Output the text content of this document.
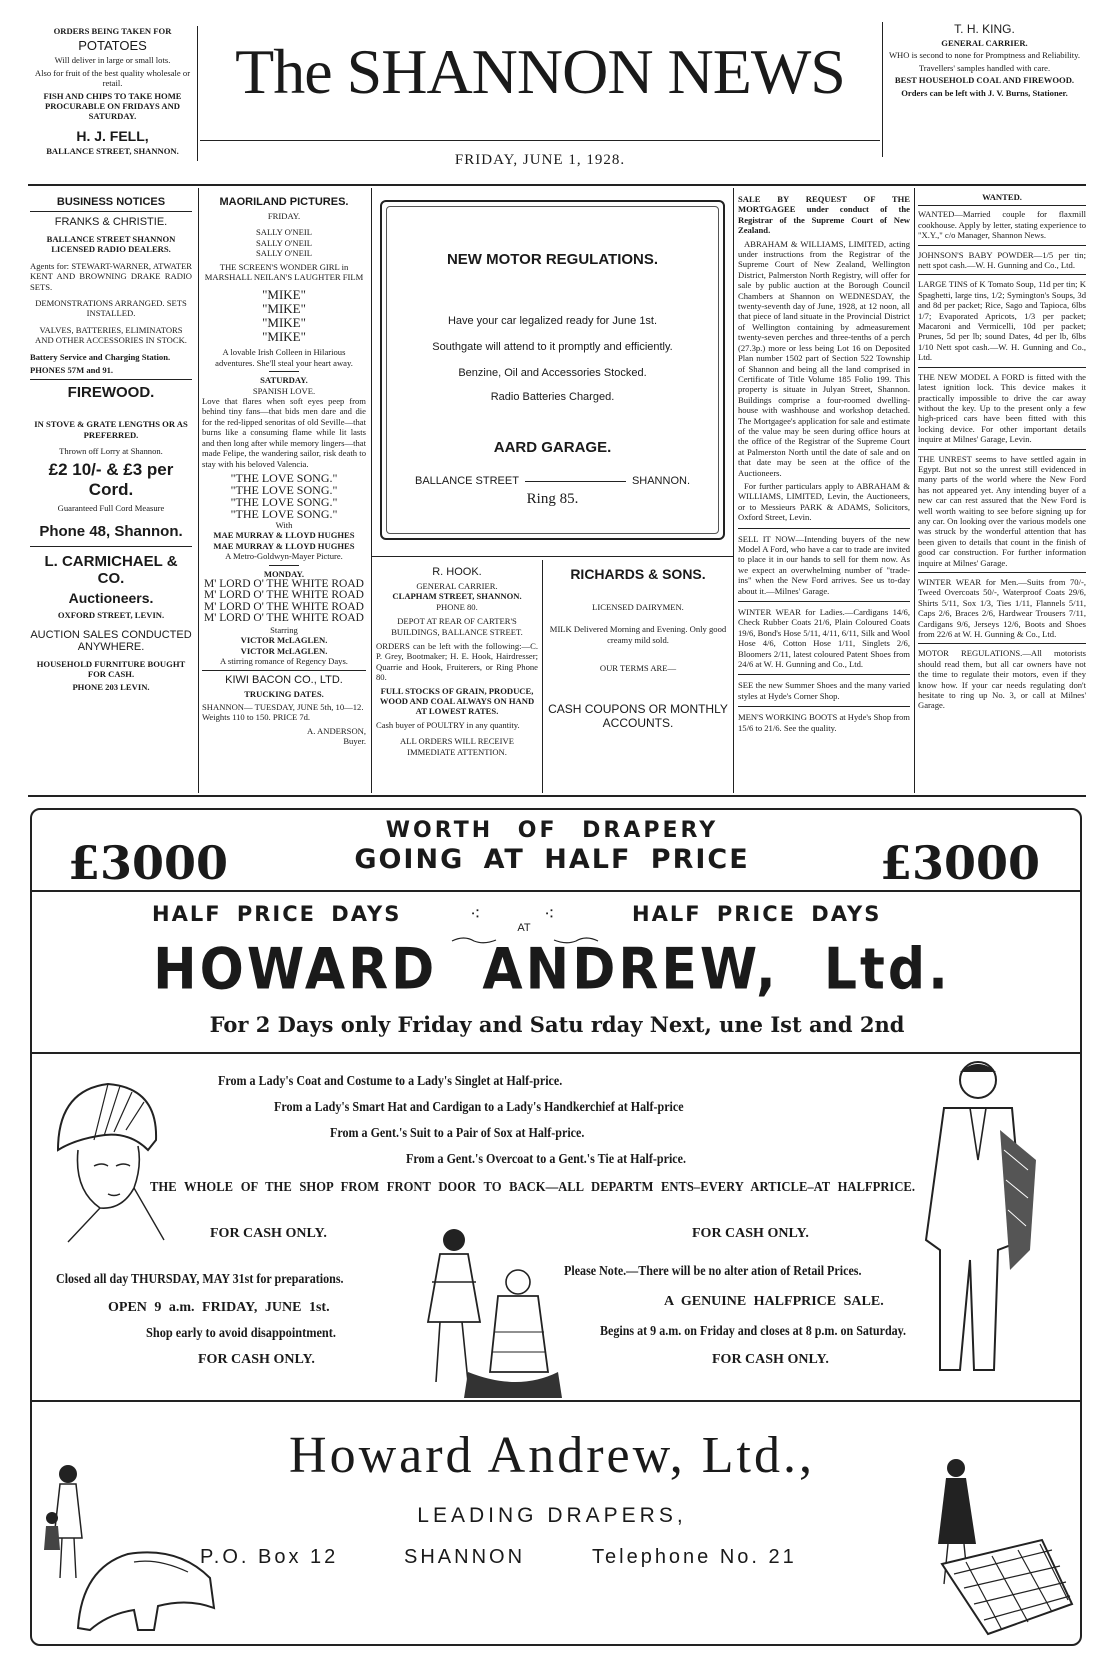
ORDERS BEING TAKEN FOR

POTATOES

Will deliver in large or small lots.

Also for fruit of the best quality wholesale or retail.

FISH AND CHIPS TO TAKE HOME PROCURABLE ON FRIDAYS AND SATURDAY.

H. J. FELL,

BALLANCE STREET, SHANNON.

The SHANNON NEWS
FRIDAY, JUNE 1, 1928.

T. H. KING.

GENERAL CARRIER.

WHO is second to none for Promptness and Reliability.

Travellers' samples handled with care.

BEST HOUSEHOLD COAL AND FIREWOOD.

Orders can be left with J. V. Burns, Stationer.

BUSINESS NOTICES

FRANKS & CHRISTIE.

BALLANCE STREET SHANNON LICENSED RADIO DEALERS.

Agents for: STEWART-WARNER, ATWATER KENT AND BROWNING DRAKE RADIO SETS.

DEMONSTRATIONS ARRANGED. SETS INSTALLED.

VALVES, BATTERIES, ELIMINATORS AND OTHER ACCESSORIES IN STOCK.

Battery Service and Charging Station.

PHONES 57M and 91.

FIREWOOD.

IN STOVE & GRATE LENGTHS OR AS PREFERRED.

Thrown off Lorry at Shannon.

£2 10/- & £3 per Cord.

Guaranteed Full Cord Measure

Phone 48, Shannon.

L. CARMICHAEL & CO.

Auctioneers.

OXFORD STREET, LEVIN.

AUCTION SALES CONDUCTED ANYWHERE.

HOUSEHOLD FURNITURE BOUGHT FOR CASH.

PHONE 203 LEVIN.

MAORILAND PICTURES.

FRIDAY.

SALLY O'NEIL

SALLY O'NEIL

SALLY O'NEIL

THE SCREEN'S WONDER GIRL in MARSHALL NEILAN'S LAUGHTER FILM

"MIKE"

"MIKE"

"MIKE"

"MIKE"

A lovable Irish Colleen in Hilarious adventures. She'll steal your heart away.

SATURDAY.

SPANISH LOVE.

Love that flares when soft eyes peep from behind tiny fans—that bids men dare and die for the red-lipped senoritas of old Seville—that burns like a consuming flame while lit lasts and then long after while memory lingers—that made Felipe, the wandering sailor, risk death to stay with his beloved Valencia.

"THE LOVE SONG."

"THE LOVE SONG."

"THE LOVE SONG."

"THE LOVE SONG."

With

MAE MURRAY & LLOYD HUGHES

MAE MURRAY & LLOYD HUGHES

A Metro-Goldwyn-Mayer Picture.

MONDAY.

M' LORD O' THE WHITE ROAD

M' LORD O' THE WHITE ROAD

M' LORD O' THE WHITE ROAD

M' LORD O' THE WHITE ROAD

Starring

VICTOR McLAGLEN.

VICTOR McLAGLEN.

A stirring romance of Regency Days.

KIWI BACON CO., LTD.

TRUCKING DATES.

SHANNON— TUESDAY, JUNE 5th, 10—12. Weights 110 to 150. PRICE 7d.

A. ANDERSON,

Buyer.

NEW MOTOR REGULATIONS.

Have your car legalized ready for June 1st.

Southgate will attend to it promptly and efficiently.

Benzine, Oil and Accessories Stocked.

Radio Batteries Charged.

AARD GARAGE.

BALLANCE STREET	SHANNON.

Ring 85.

R. HOOK.

GENERAL CARRIER.

CLAPHAM STREET, SHANNON.

PHONE 80.

DEPOT AT REAR OF CARTER'S BUILDINGS, BALLANCE STREET.

ORDERS can be left with the following:—C. P. Grey, Bootmaker; H. E. Hook, Hairdresser; Quarrie and Hook, Fruiterers, or Ring Phone 80.

FULL STOCKS OF GRAIN, PRODUCE, WOOD AND COAL ALWAYS ON HAND AT LOWEST RATES.

Cash buyer of POULTRY in any quantity.

ALL ORDERS WILL RECEIVE IMMEDIATE ATTENTION.

RICHARDS & SONS.

LICENSED DAIRYMEN.

MILK Delivered Morning and Evening. Only good creamy mild sold.

OUR TERMS ARE—

CASH COUPONS OR MONTHLY ACCOUNTS.

SALE BY REQUEST OF THE MORTGAGEE under conduct of the Registrar of the Supreme Court of New Zealand.

ABRAHAM & WILLIAMS, LIMITED, acting under instructions from the Registrar of the Supreme Court of New Zealand, Wellington District, Palmerston North Registry, will offer for sale by public auction at the Borough Council Chambers at Shannon on WEDNESDAY, the twenty-seventh day of June, 1928, at 12 noon, all that piece of land situate in the Provincial District of Wellington containing by admeasurement twenty-seven perches and three-tenths of a perch (27.3p.) more or less being Lot 16 on Deposited Plan number 1502 part of Section 522 Township of Shannon and being all the land comprised in Certificate of Title Volume 185 Folio 199. This property is situate in Julyan Street, Shannon. Buildings comprise a four-roomed dwelling-house with washhouse and workshop detached. The Mortgagee's application for sale and estimate of the value may be seen during office hours at the office of the Registrar of the Supreme Court at Palmerston North until the date of sale and on that date may be seen at the office of the Auctioneers.

For further particulars apply to ABRAHAM & WILLIAMS, LIMITED, Levin, the Auctioneers, or to Messieurs PARK & ADAMS, Solicitors, Oxford Street, Levin.

SELL IT NOW—Intending buyers of the new Model A Ford, who have a car to trade are invited to place it in our hands to sell for them now. As we expect an overwhelming number of "trade-ins" when the New Ford arrives. See us to-day about it.—Milnes' Garage.

WINTER WEAR for Ladies.—Cardigans 14/6, Check Rubber Coats 21/6, Plain Coloured Coats 19/6, Bond's Hose 5/11, 4/11, 6/11, Silk and Wool Hose 4/6, Cotton Hose 1/11, Singlets 2/6, Bloomers 2/11, latest coloured Patent Shoes from 24/6 at W. H. Gunning and Co., Ltd.

SEE the new Summer Shoes and the many varied styles at Hyde's Corner Shop.

MEN'S WORKING BOOTS at Hyde's Shop from 15/6 to 21/6. See the quality.

WANTED.

WANTED—Married couple for flaxmill cookhouse. Apply by letter, stating experience to "X.Y.," c/o Manager, Shannon News.

JOHNSON'S BABY POWDER—1/5 per tin; nett spot cash.—W. H. Gunning and Co., Ltd.

LARGE TINS of K Tomato Soup, 11d per tin; K Spaghetti, large tins, 1/2; Symington's Soups, 3d and 8d per packet; Rice, Sago and Tapioca, 6lbs 1/7; Evaporated Apricots, 1/3 per packet; Macaroni and Vermicelli, 10d per packet; Prunes, 5d per lb; sound Dates, 4d per lb, 6lbs 1/10 Nett spot cash.—W. H. Gunning and Co., Ltd.

THE NEW MODEL A FORD is fitted with the latest ignition lock. This device makes it practically impossible to drive the car away without the key. Up to the present only a few high-priced cars have been fitted with this locking device. For other important details inquire at Milnes' Garage, Levin.

THE UNREST seems to have settled again in Egypt. But not so the unrest still evidenced in many parts of the world where the New Ford has not appeared yet. Any intending buyer of a new car can rest assured that the New Ford is well worth waiting to see before signing up for any car. On looking over the various models one was struck by the wonderful attention that has been given to details that count in the finish of good car construction. For further information inquire at Milnes' Garage.

WINTER WEAR for Men.—Suits from 70/-, Tweed Overcoats 50/-, Waterproof Coats 29/6, Shirts 5/11, Sox 1/3, Ties 1/11, Flannels 5/11, Caps 2/6, Braces 2/6, Hardwear Trousers 7/11, Cardigans 9/6, Jerseys 12/6, Boots and Shoes from 22/6 at W. H. Gunning & Co., Ltd.

MOTOR REGULATIONS.—All motorists should read them, but all car owners have not the time to regulate their motors, even if they know how. If your car needs regulating don't hesitate to ring up No. 3, or call at Milnes' Garage.

£3000	£3000
WORTH OF DRAPERY
GOING AT HALF PRICE
HALF PRICE DAYS	HALF PRICE DAYS
⁖	⁖
AT
HOWARD ANDREW, Ltd.
For 2 Days only Friday and Satu rday Next, une Ist and 2nd
From a Lady's Coat and Costume to a Lady's Singlet at Half-price.
From a Lady's Smart Hat and Cardigan to a Lady's Handkerchief at Half-price
From a Gent.'s Suit to a Pair of Sox at Half-price.
From a Gent.'s Overcoat to a Gent.'s Tie at Half-price.
THE WHOLE OF THE SHOP FROM FRONT DOOR TO BACK—ALL DEPARTM ENTS–EVERY ARTICLE–AT HALFPRICE.
FOR CASH ONLY.
Closed all day THURSDAY, MAY 31st for preparations.
OPEN 9 a.m. FRIDAY, JUNE 1st.
Shop early to avoid disappointment.
FOR CASH ONLY.
FOR CASH ONLY.
Please Note.—There will be no alter ation of Retail Prices.
A GENUINE HALFPRICE SALE.
Begins at 9 a.m. on Friday and closes at 8 p.m. on Saturday.
FOR CASH ONLY.
Howard Andrew, Ltd.,
LEADING DRAPERS,
P.O. Box 12	SHANNON	Telephone No. 21
